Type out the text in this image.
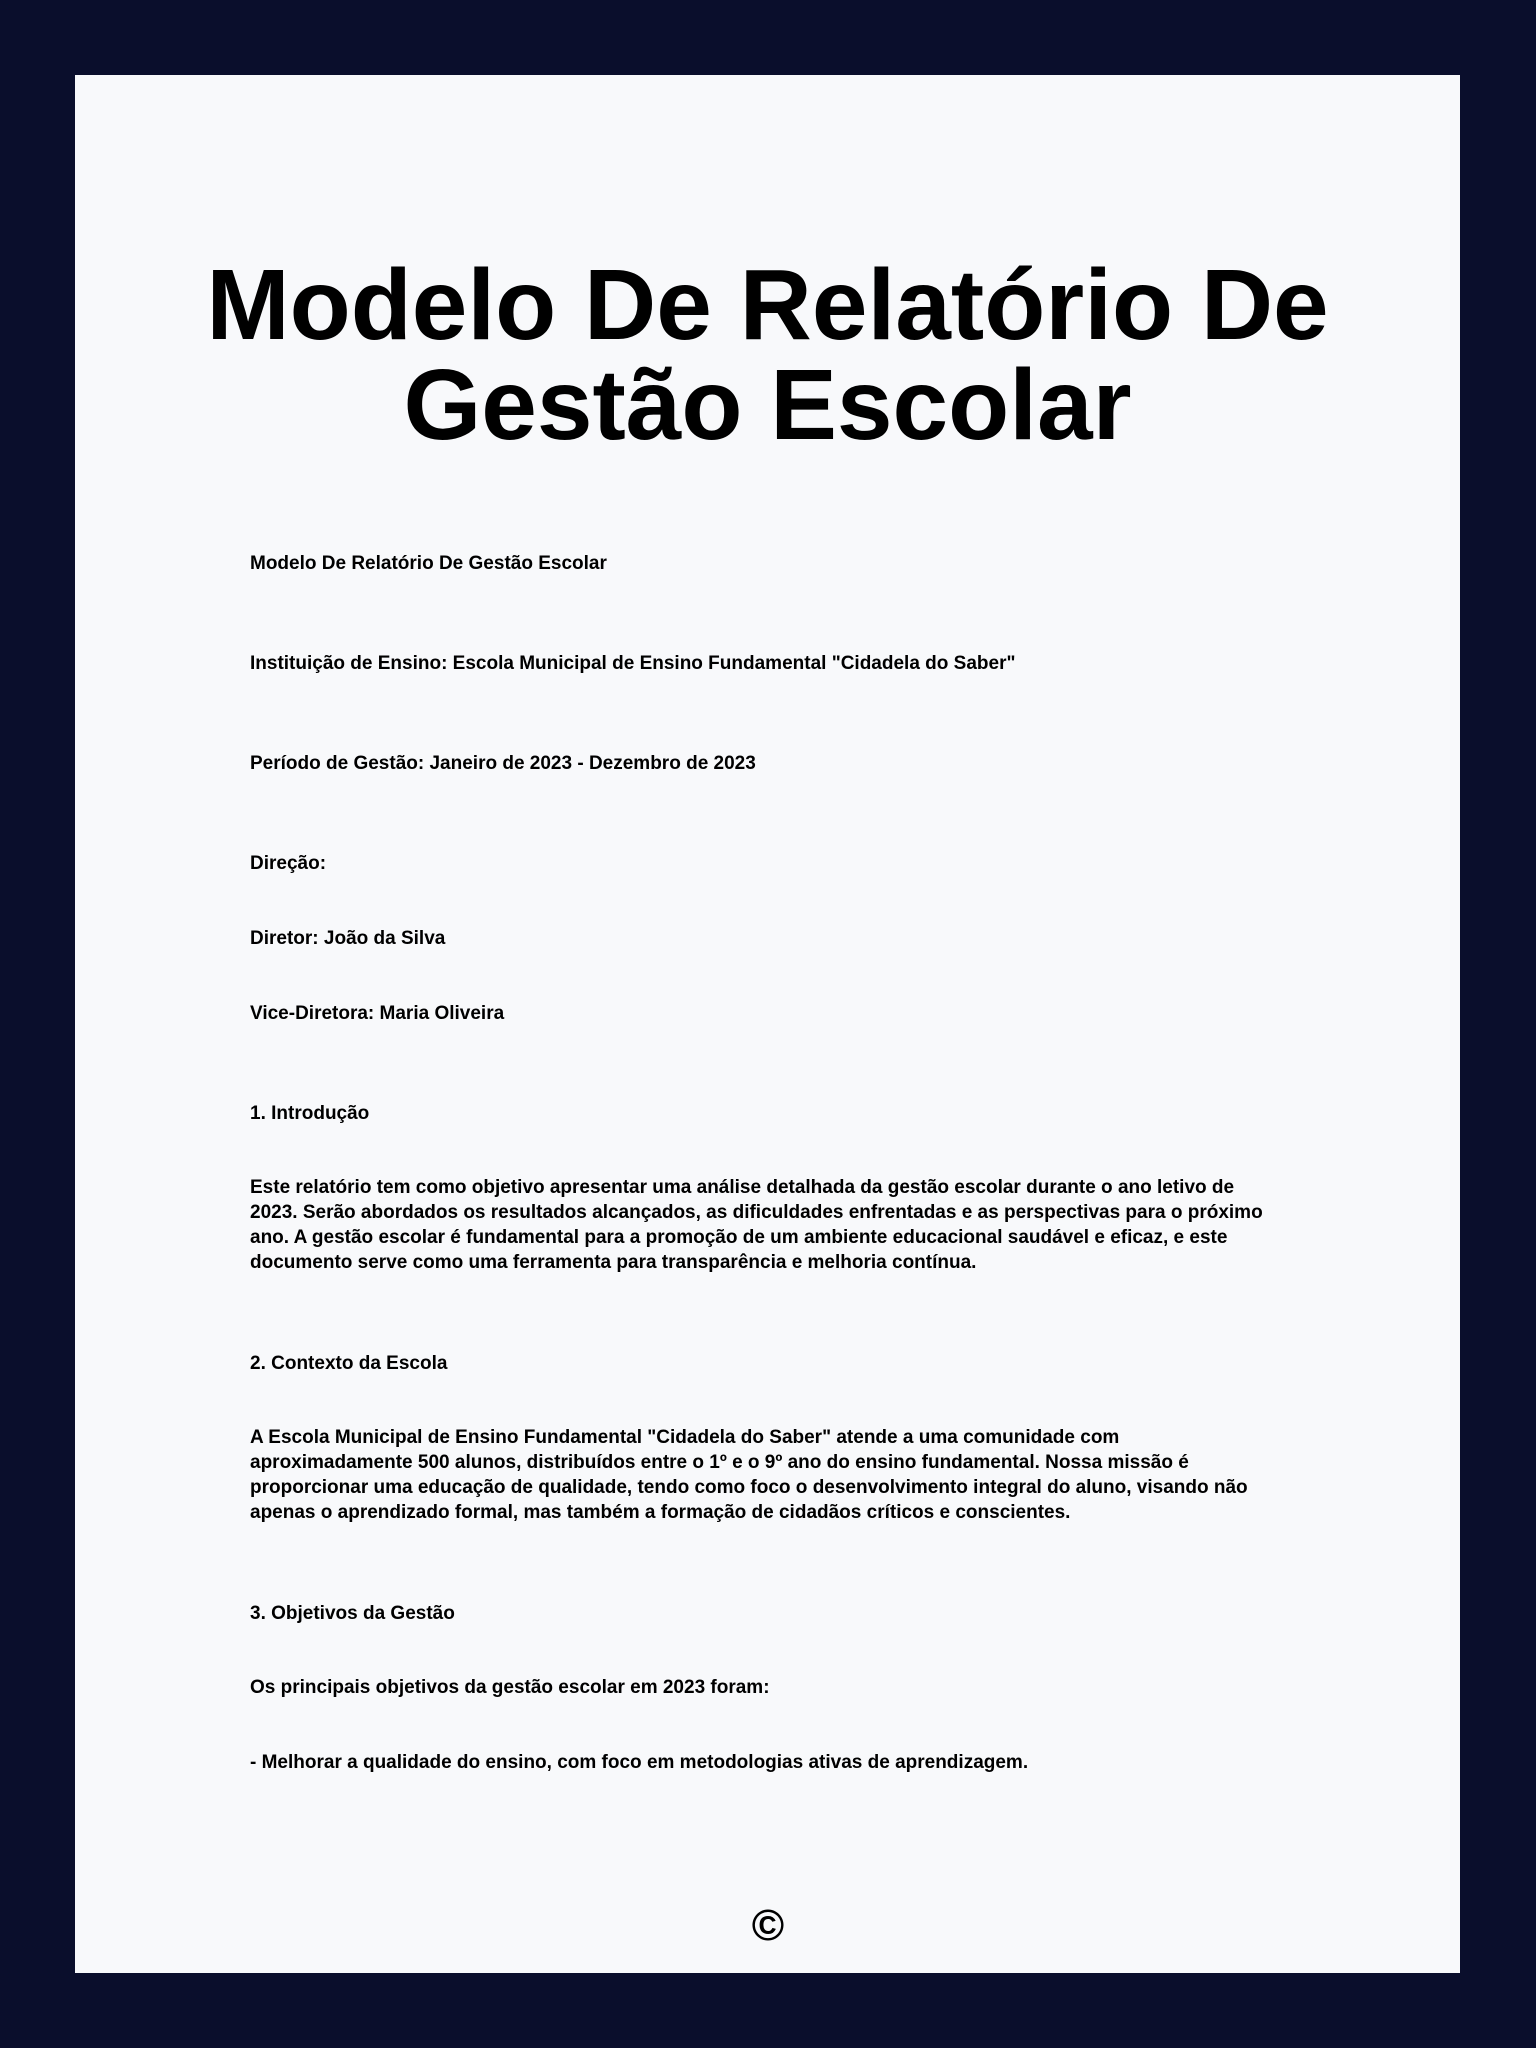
Modelo De Relatório De Gestão Escolar

Modelo De Relatório De Gestão Escolar

Instituição de Ensino: Escola Municipal de Ensino Fundamental "Cidadela do Saber"

Período de Gestão: Janeiro de 2023 - Dezembro de 2023

Direção:

Diretor: João da Silva

Vice-Diretora: Maria Oliveira

1. Introdução

Este relatório tem como objetivo apresentar uma análise detalhada da gestão escolar durante o ano letivo de 2023. Serão abordados os resultados alcançados, as dificuldades enfrentadas e as perspectivas para o próximo ano. A gestão escolar é fundamental para a promoção de um ambiente educacional saudável e eficaz, e este documento serve como uma ferramenta para transparência e melhoria contínua.

2. Contexto da Escola

A Escola Municipal de Ensino Fundamental "Cidadela do Saber" atende a uma comunidade com aproximadamente 500 alunos, distribuídos entre o 1º e o 9º ano do ensino fundamental. Nossa missão é proporcionar uma educação de qualidade, tendo como foco o desenvolvimento integral do aluno, visando não apenas o aprendizado formal, mas também a formação de cidadãos críticos e conscientes.

3. Objetivos da Gestão

Os principais objetivos da gestão escolar em 2023 foram:

- Melhorar a qualidade do ensino, com foco em metodologias ativas de aprendizagem.

©
